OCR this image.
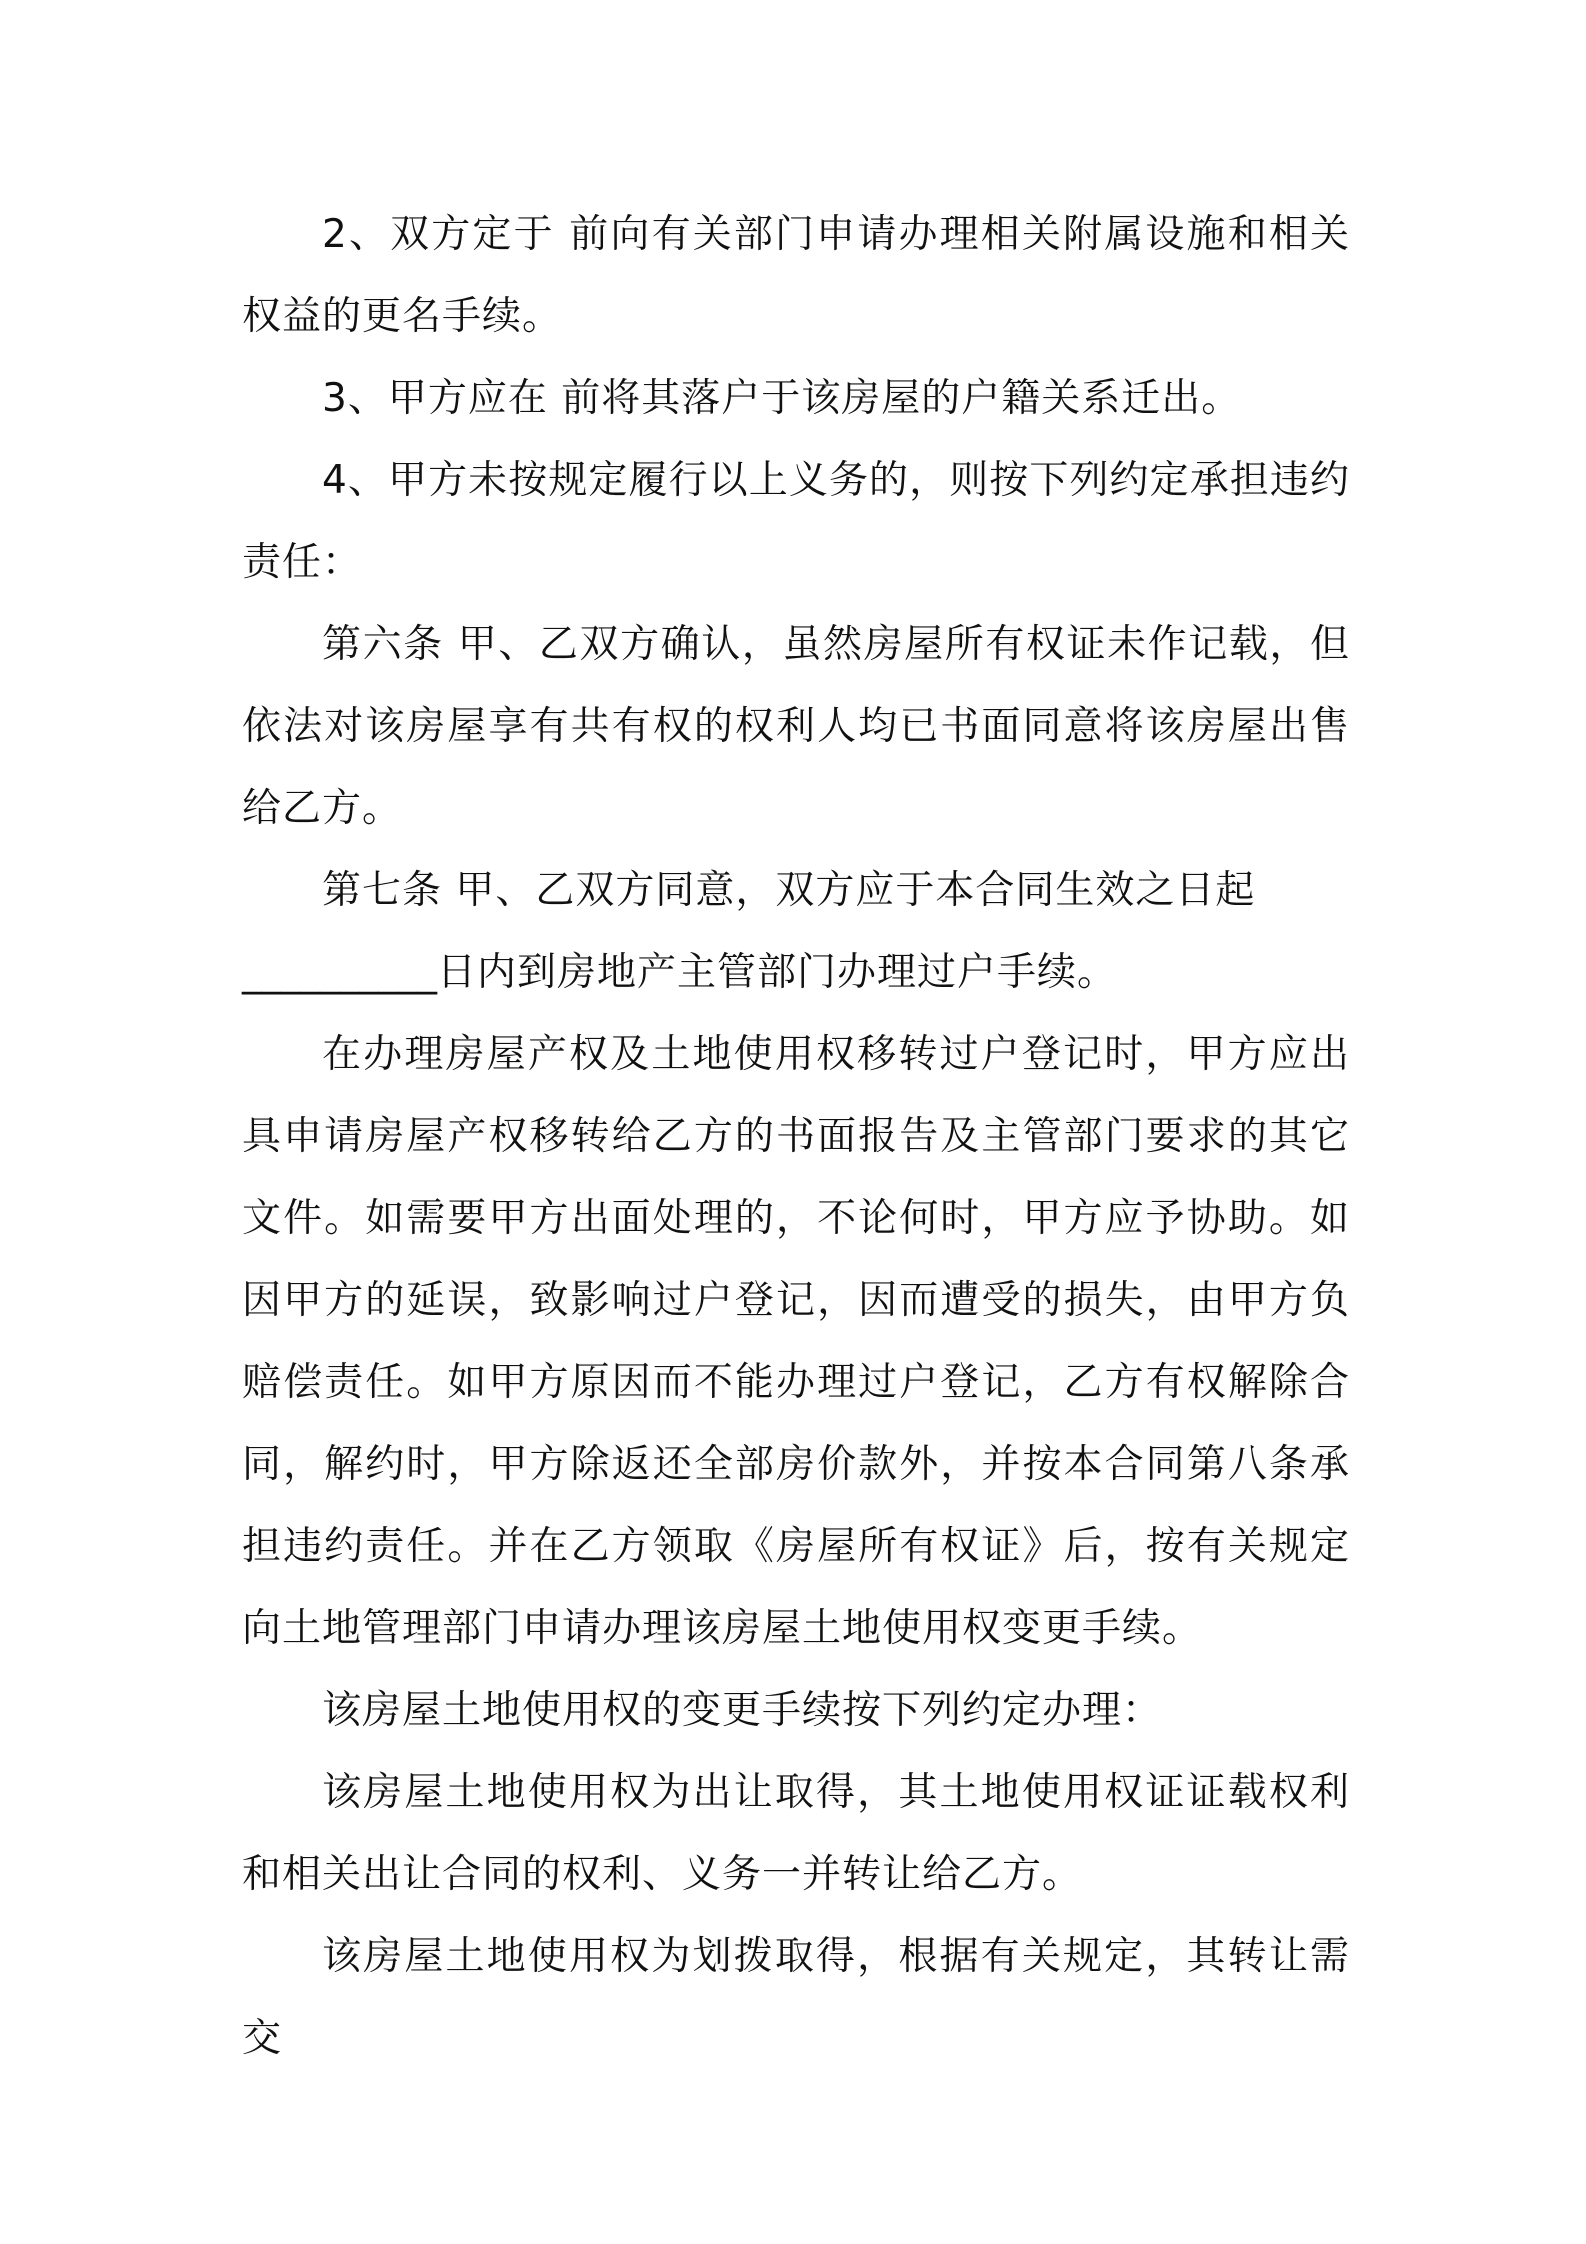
2、双方定于 前向有关部门申请办理相关附属设施和相关权益的更名手续。

3、甲方应在 前将其落户于该房屋的户籍关系迁出。

4、甲方未按规定履行以上义务的，则按下列约定承担违约责任：

第六条 甲、乙双方确认，虽然房屋所有权证未作记载，但依法对该房屋享有共有权的权利人均已书面同意将该房屋出售给乙方。

第七条 甲、乙双方同意，双方应于本合同生效之日起

__________日内到房地产主管部门办理过户手续。

在办理房屋产权及土地使用权移转过户登记时，甲方应出具申请房屋产权移转给乙方的书面报告及主管部门要求的其它文件。如需要甲方出面处理的，不论何时，甲方应予协助。如因甲方的延误，致影响过户登记，因而遭受的损失，由甲方负赔偿责任。如甲方原因而不能办理过户登记，乙方有权解除合同，解约时，甲方除返还全部房价款外，并按本合同第八条承担违约责任。并在乙方领取《房屋所有权证》后，按有关规定向土地管理部门申请办理该房屋土地使用权变更手续。

该房屋土地使用权的变更手续按下列约定办理：

该房屋土地使用权为出让取得，其土地使用权证证载权利和相关出让合同的权利、义务一并转让给乙方。

该房屋土地使用权为划拨取得，根据有关规定，其转让需交
